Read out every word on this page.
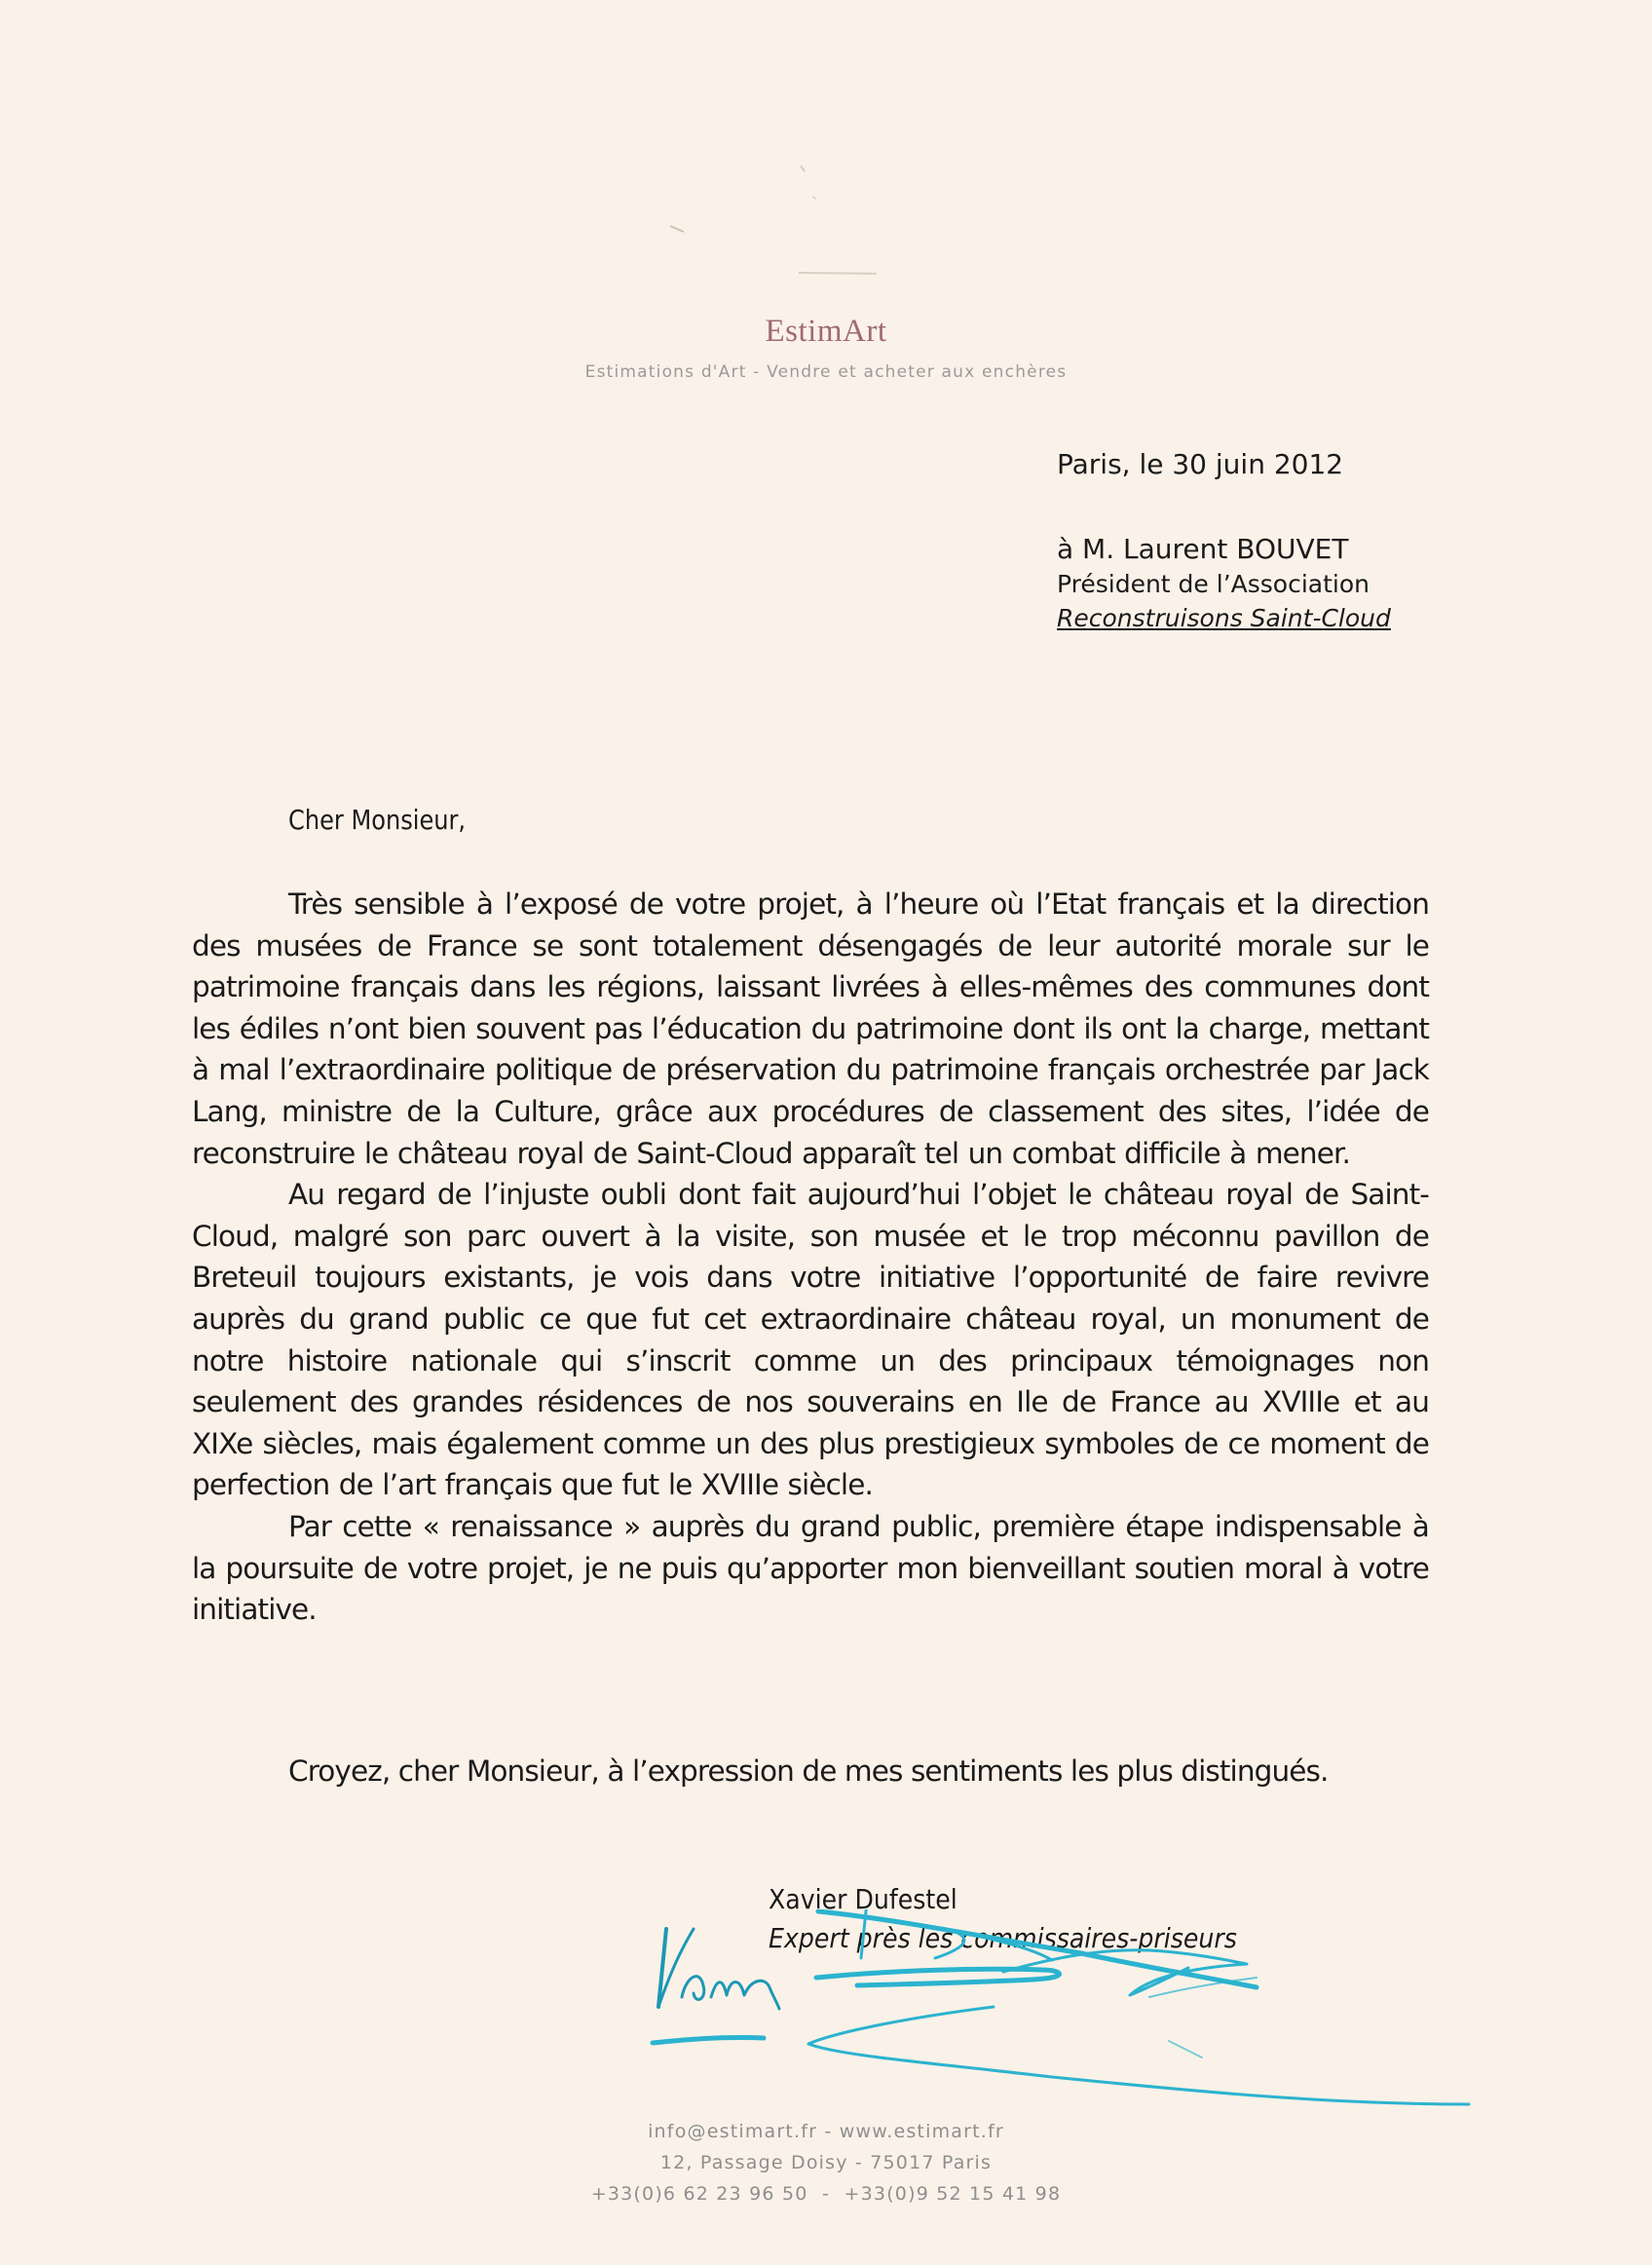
EstimArt
Estimations d'Art - Vendre et acheter aux enchères
Paris, le 30 juin 2012
à M. Laurent BOUVET
Président de l’Association
Reconstruisons Saint-Cloud
Cher Monsieur,

Très sensible à l’exposé de votre projet, à l’heure où l’Etat français et la direction des musées de France se sont totalement désengagés de leur autorité morale sur le patrimoine français dans les régions, laissant livrées à elles-mêmes des communes dont les édiles n’ont bien souvent pas l’éducation du patrimoine dont ils ont la charge, mettant à mal l’extraordinaire politique de préservation du patrimoine français orchestrée par Jack Lang, ministre de la Culture, grâce aux procédures de classement des sites, l’idée de reconstruire le château royal de Saint-Cloud apparaît tel un combat difficile à mener.

Au regard de l’injuste oubli dont fait aujourd’hui l’objet le château royal de Saint-Cloud, malgré son parc ouvert à la visite, son musée et le trop méconnu pavillon de Breteuil toujours existants, je vois dans votre initiative l’opportunité de faire revivre auprès du grand public ce que fut cet extraordinaire château royal, un monument de notre histoire nationale qui s’inscrit comme un des principaux témoignages non seulement des grandes résidences de nos souverains en Ile de France au XVIIIe et au XIXe siècles, mais également comme un des plus prestigieux symboles de ce moment de perfection de l’art français que fut le XVIIIe siècle.

Par cette « renaissance » auprès du grand public, première étape indispensable à la poursuite de votre projet, je ne puis qu’apporter mon bienveillant soutien moral à votre initiative.

Croyez, cher Monsieur, à l’expression de mes sentiments les plus distingués.

Xavier Dufestel
Expert près les commissaires-priseurs
info@estimart.fr - www.estimart.fr
12, Passage Doisy - 75017 Paris
+33(0)6 62 23 96 50  -  +33(0)9 52 15 41 98
